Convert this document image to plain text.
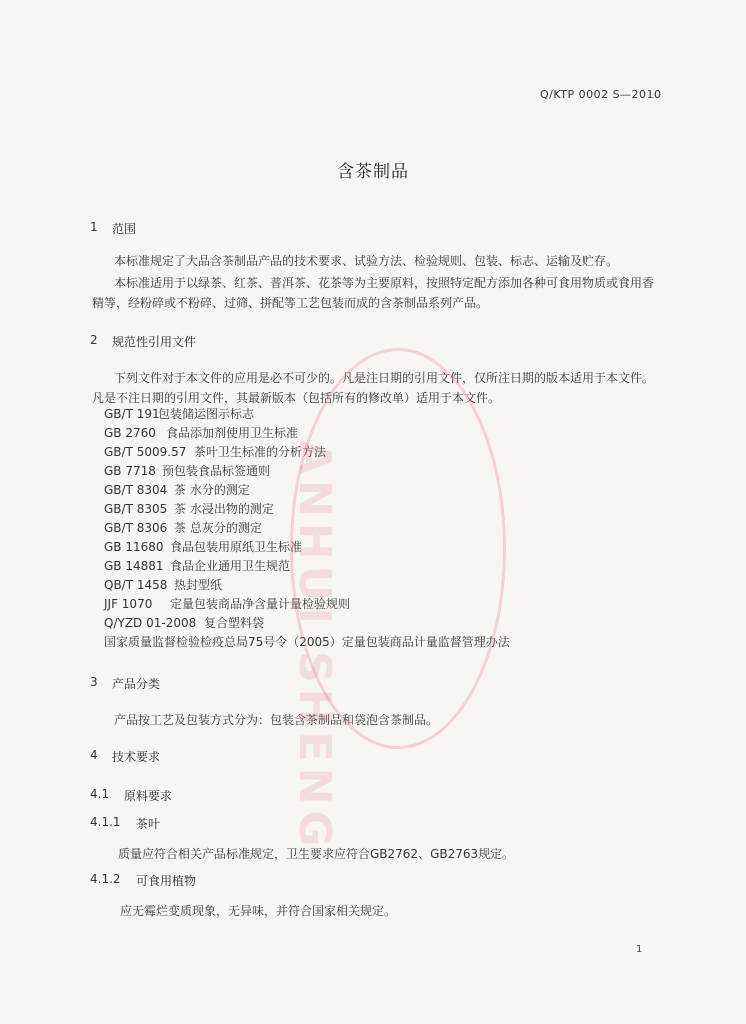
Q/KTP 0002 S—2010
含茶制品
1 范围
本标准规定了大品含茶制品产品的技术要求、试验方法、检验规则、包装、标志、运输及贮存。
本标准适用于以绿茶、红茶、普洱茶、花茶等为主要原料，按照特定配方添加各种可食用物质或食用香精等，经粉碎或不粉碎、过筛、拼配等工艺包装而成的含茶制品系列产品。
2 规范性引用文件
下列文件对于本文件的应用是必不可少的。凡是注日期的引用文件，仅所注日期的版本适用于本文件。凡是不注日期的引用文件，其最新版本（包括所有的修改单）适用于本文件。
GB/T 191包装储运图示标志
GB 2760 食品添加剂使用卫生标准
GB/T 5009.57 茶叶卫生标准的分析方法
GB 7718 预包装食品标签通则
GB/T 8304 茶 水分的测定
GB/T 8305 茶 水浸出物的测定
GB/T 8306 茶 总灰分的测定
GB 11680 食品包装用原纸卫生标准
GB 14881 食品企业通用卫生规范
QB/T 1458 热封型纸
JJF 1070 定量包装商品净含量计量检验规则
Q/YZD 01-2008 复合塑料袋
国家质量监督检验检疫总局75号令（2005）定量包装商品计量监督管理办法
3 产品分类
产品按工艺及包装方式分为：包装含茶制品和袋泡含茶制品。
4 技术要求
4.1 原料要求
4.1.1 茶叶
质量应符合相关产品标准规定，卫生要求应符合GB2762、GB2763规定。
4.1.2 可食用植物
应无霉烂变质现象，无异味，并符合国家相关规定。
ANHUI SHENG
1
